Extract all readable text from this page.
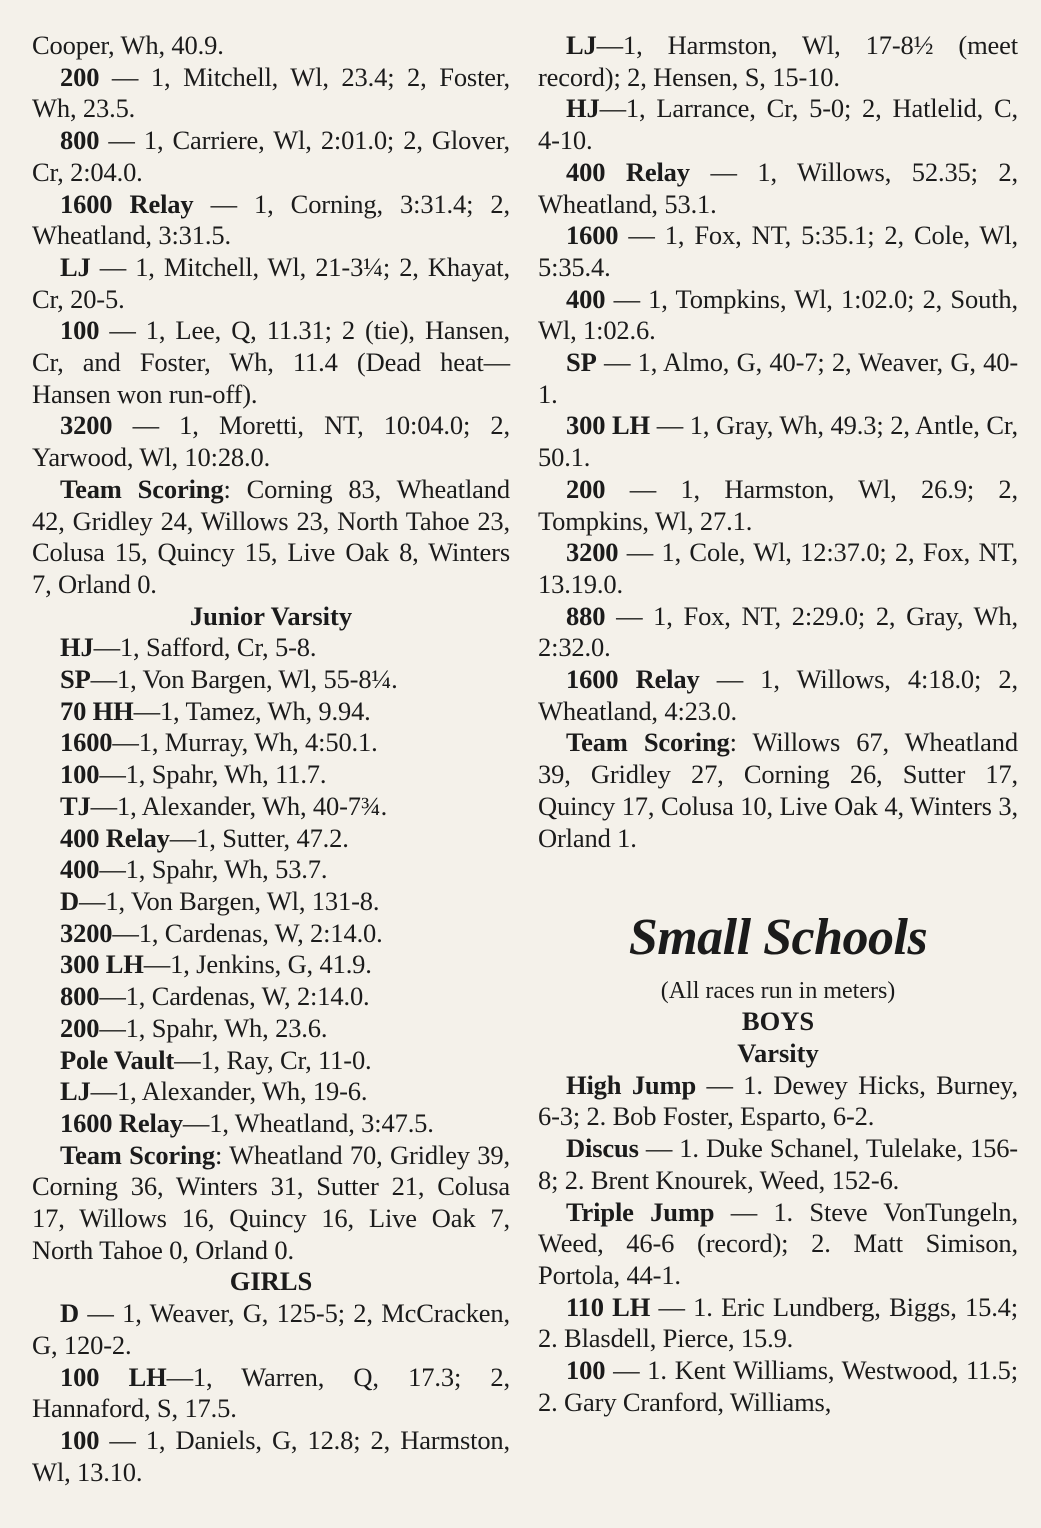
Cooper, Wh, 40.9.

200 — 1, Mitchell, Wl, 23.4; 2, Foster, Wh, 23.5.

800 — 1, Carriere, Wl, 2:01.0; 2, Glover, Cr, 2:04.0.

1600 Relay — 1, Corning, 3:31.4; 2, Wheatland, 3:31.5.

LJ — 1, Mitchell, Wl, 21-3¼; 2, Khayat, Cr, 20-5.

100 — 1, Lee, Q, 11.31; 2 (tie), Hansen, Cr, and Foster, Wh, 11.4 (Dead heat—Hansen won run-off).

3200 — 1, Moretti, NT, 10:04.0; 2, Yarwood, Wl, 10:28.0.

Team Scoring: Corning 83, Wheatland 42, Gridley 24, Willows 23, North Tahoe 23, Colusa 15, Quincy 15, Live Oak 8, Winters 7, Orland 0.

Junior Varsity

HJ—1, Safford, Cr, 5-8.

SP—1, Von Bargen, Wl, 55-8¼.

70 HH—1, Tamez, Wh, 9.94.

1600—1, Murray, Wh, 4:50.1.

100—1, Spahr, Wh, 11.7.

TJ—1, Alexander, Wh, 40-7¾.

400 Relay—1, Sutter, 47.2.

400—1, Spahr, Wh, 53.7.

D—1, Von Bargen, Wl, 131-8.

3200—1, Cardenas, W, 2:14.0.

300 LH—1, Jenkins, G, 41.9.

800—1, Cardenas, W, 2:14.0.

200—1, Spahr, Wh, 23.6.

Pole Vault—1, Ray, Cr, 11-0.

LJ—1, Alexander, Wh, 19-6.

1600 Relay—1, Wheatland, 3:47.5.

Team Scoring: Wheatland 70, Gridley 39, Corning 36, Winters 31, Sutter 21, Colusa 17, Willows 16, Quincy 16, Live Oak 7, North Tahoe 0, Orland 0.

GIRLS

D — 1, Weaver, G, 125-5; 2, McCracken, G, 120-2.

100 LH—1, Warren, Q, 17.3; 2, Hannaford, S, 17.5.

100 — 1, Daniels, G, 12.8; 2, Harmston, Wl, 13.10.

LJ—1, Harmston, Wl, 17-8½ (meet record); 2, Hensen, S, 15-10.

HJ—1, Larrance, Cr, 5-0; 2, Hatlelid, C, 4-10.

400 Relay — 1, Willows, 52.35; 2, Wheatland, 53.1.

1600 — 1, Fox, NT, 5:35.1; 2, Cole, Wl, 5:35.4.

400 — 1, Tompkins, Wl, 1:02.0; 2, South, Wl, 1:02.6.

SP — 1, Almo, G, 40-7; 2, Weaver, G, 40-1.

300 LH — 1, Gray, Wh, 49.3; 2, Antle, Cr, 50.1.

200 — 1, Harmston, Wl, 26.9; 2, Tompkins, Wl, 27.1.

3200 — 1, Cole, Wl, 12:37.0; 2, Fox, NT, 13.19.0.

880 — 1, Fox, NT, 2:29.0; 2, Gray, Wh, 2:32.0.

1600 Relay — 1, Willows, 4:18.0; 2, Wheatland, 4:23.0.

Team Scoring: Willows 67, Wheatland 39, Gridley 27, Corning 26, Sutter 17, Quincy 17, Colusa 10, Live Oak 4, Winters 3, Orland 1.

Small Schools

(All races run in meters)

BOYS

Varsity

High Jump — 1. Dewey Hicks, Burney, 6-3; 2. Bob Foster, Esparto, 6-2.

Discus — 1. Duke Schanel, Tulelake, 156-8; 2. Brent Knourek, Weed, 152-6.

Triple Jump — 1. Steve VonTungeln, Weed, 46-6 (record); 2. Matt Simison, Portola, 44-1.

110 LH — 1. Eric Lundberg, Biggs, 15.4; 2. Blasdell, Pierce, 15.9.

100 — 1. Kent Williams, Westwood, 11.5; 2. Gary Cranford, Williams,
